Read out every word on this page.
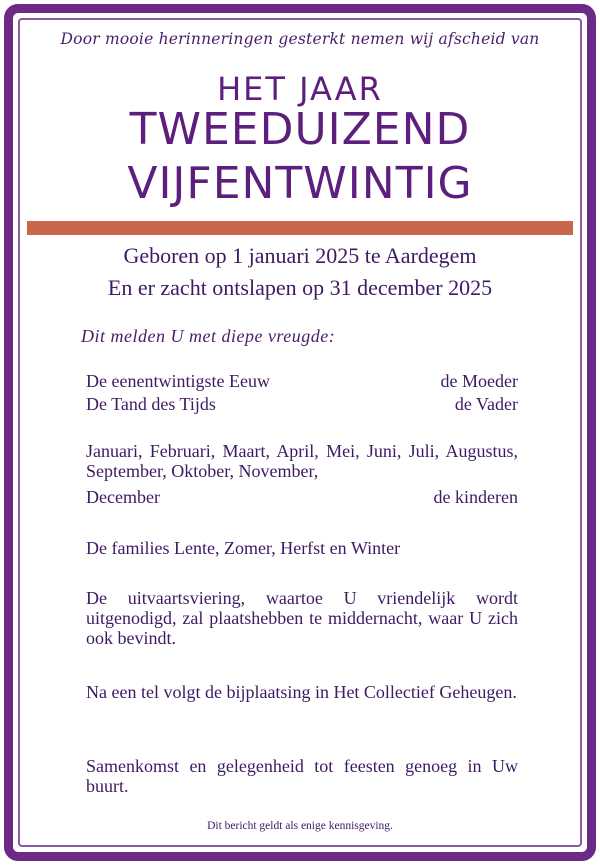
Door mooie herinneringen gesterkt nemen wij afscheid van
HET JAAR
TWEEDUIZEND
VIJFENTWINTIG
Geboren op 1 januari 2025 te Aardegem
En er zacht ontslapen op 31 december 2025
Dit melden U met diepe vreugde:
De eenentwintigste Eeuw	de Moeder
De Tand des Tijds	de Vader
Januari, Februari, Maart, April, Mei, Juni, Juli, Augustus, September, Oktober, November,
December	de kinderen
De families Lente, Zomer, Herfst en Winter
De uitvaartsviering, waartoe U vriendelijk wordt uitgenodigd, zal plaatshebben te middernacht, waar U zich ook bevindt.
Na een tel volgt de bijplaatsing in Het Collectief Geheugen.
Samenkomst en gelegenheid tot feesten genoeg in Uw buurt.
Dit bericht geldt als enige kennisgeving.
